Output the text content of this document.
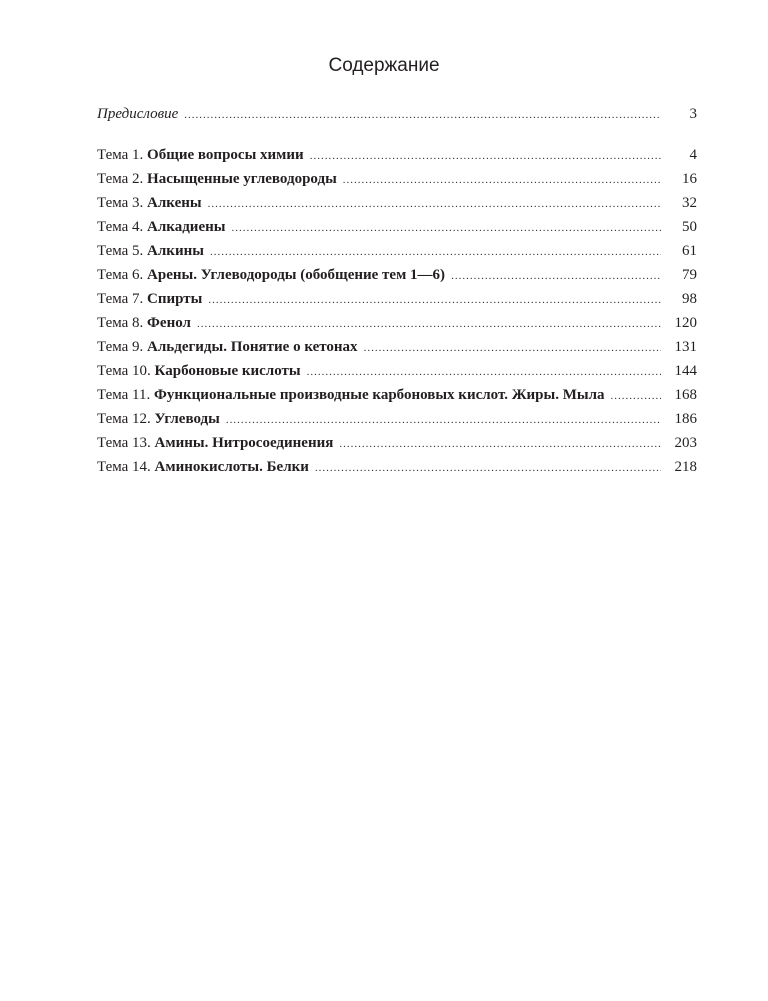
Содержание
Предисловие .....	3
Тема 1. Общие вопросы химии .....	4
Тема 2. Насыщенные углеводороды .....	16
Тема 3. Алкены .....	32
Тема 4. Алкадиены .....	50
Тема 5. Алкины .....	61
Тема 6. Арены. Углеводороды (обобщение тем 1—6) .....	79
Тема 7. Спирты .....	98
Тема 8. Фенол .....	120
Тема 9. Альдегиды. Понятие о кетонах .....	131
Тема 10. Карбоновые кислоты .....	144
Тема 11. Функциональные производные карбоновых кислот. Жиры. Мыла .....	168
Тема 12. Углеводы .....	186
Тема 13. Амины. Нитросоединения .....	203
Тема 14. Аминокислоты. Белки .....	218
